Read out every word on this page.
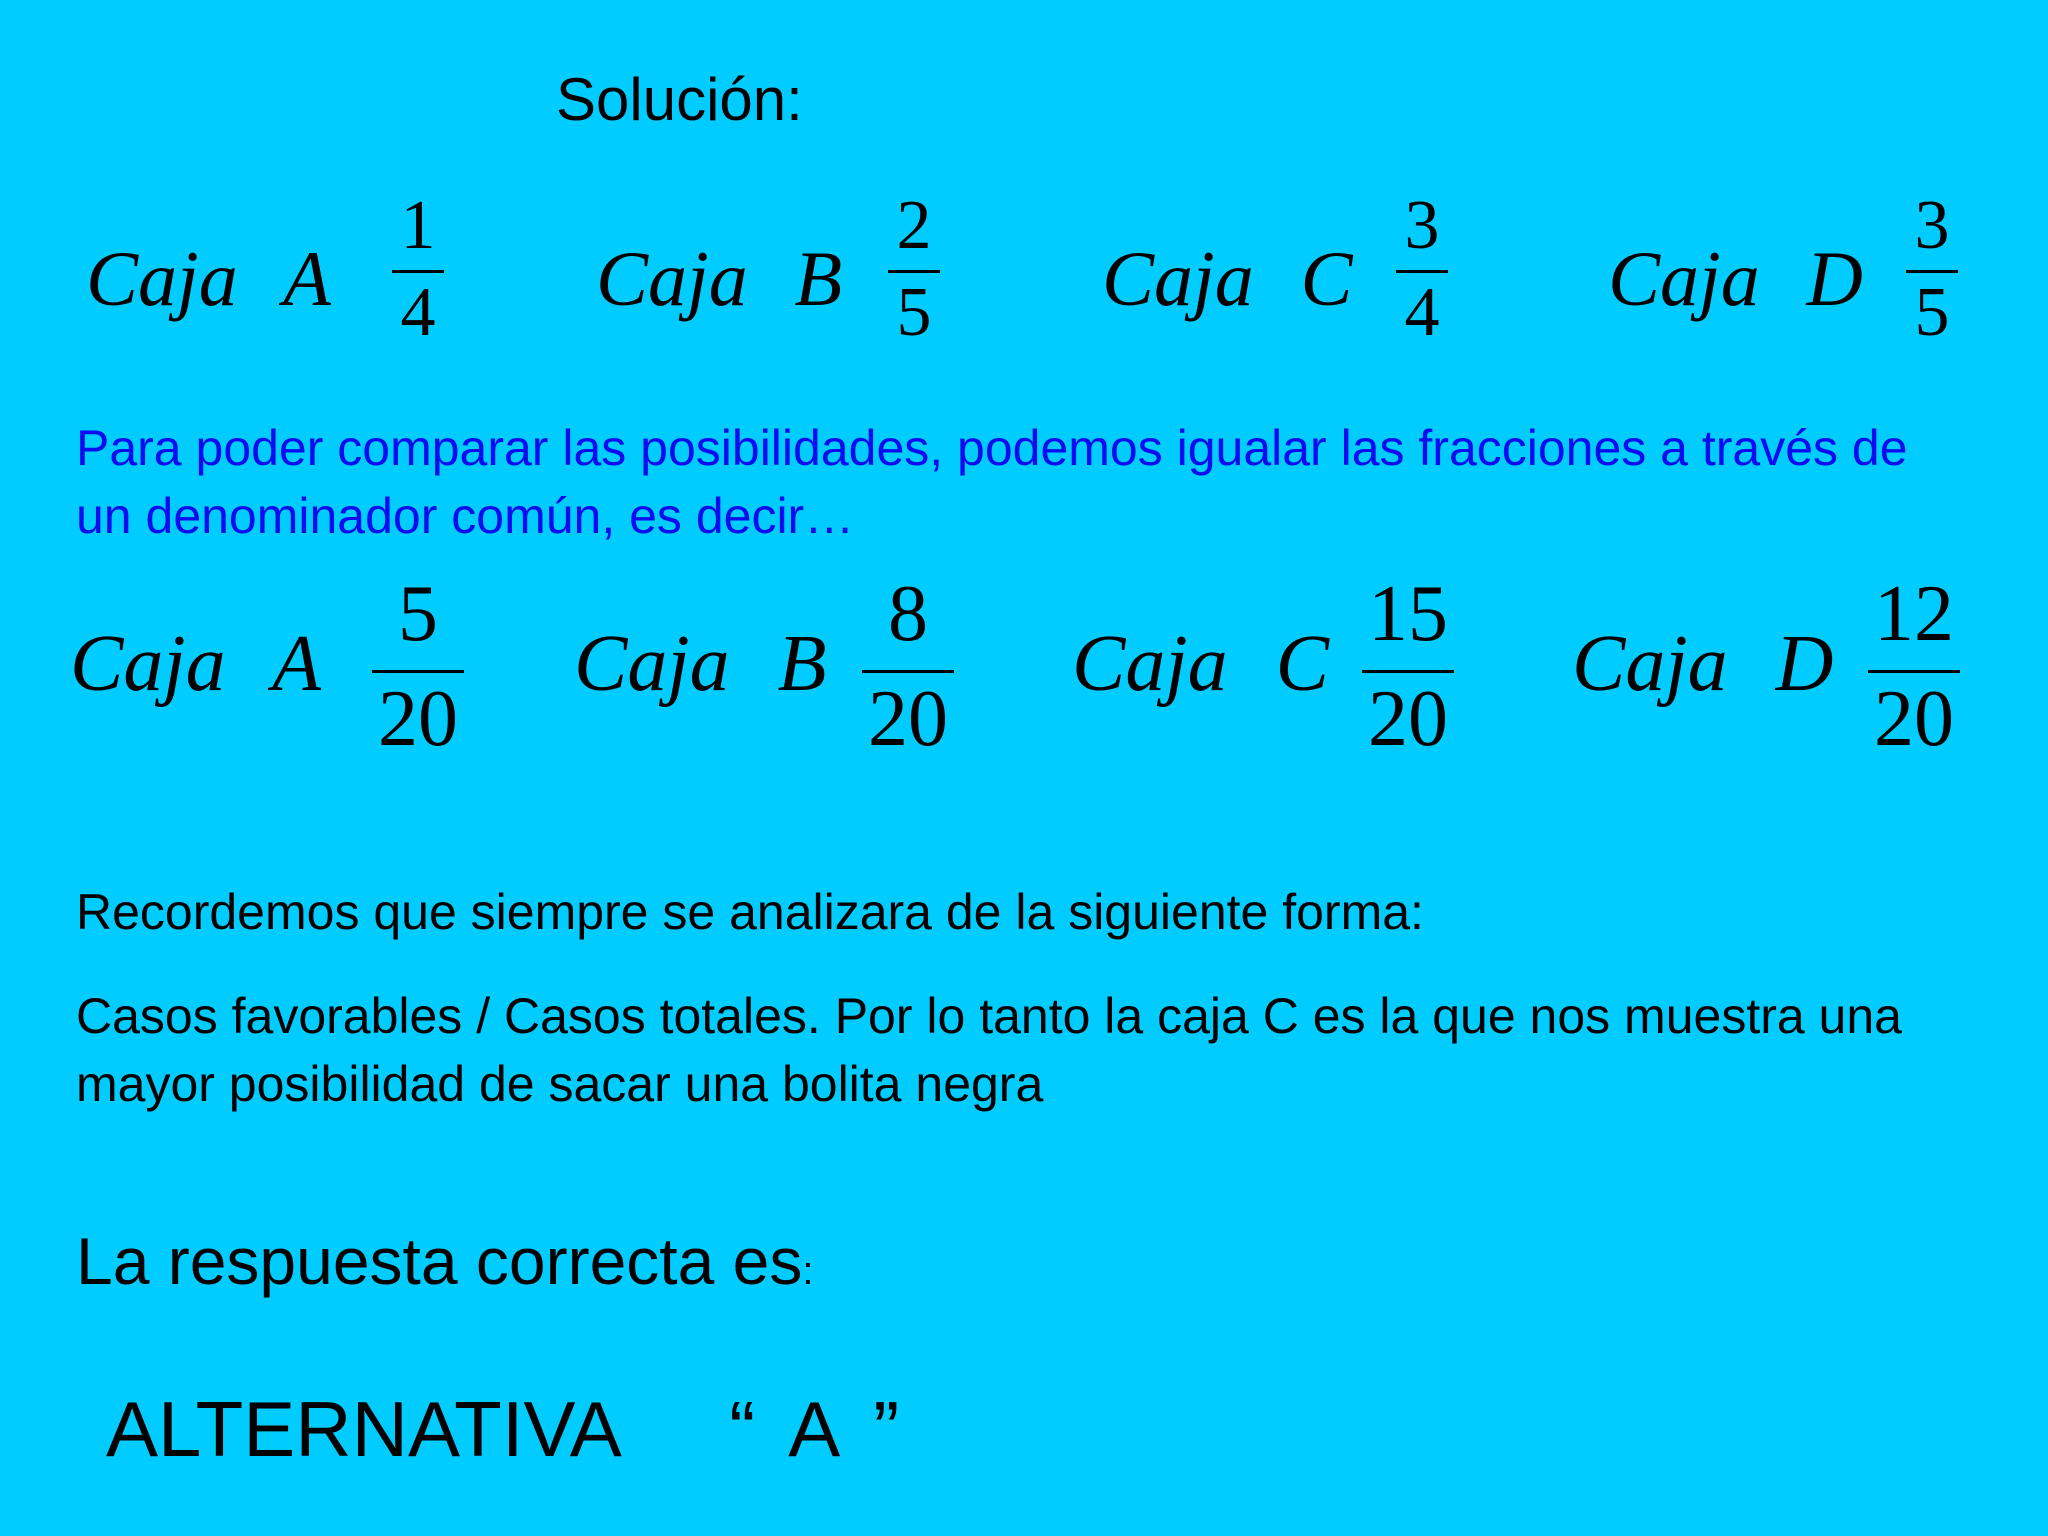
Solución:
Caja A
1
4 Caja B
2
5 Caja C
3
4 Caja D
3
5
Para poder comparar las posibilidades, podemos igualar las fracciones a través de un denominador común, es decir…
Caja A
5
20
Caja B
8
20
Caja C
15
20
Caja D
12
20
Recordemos que siempre se analizara de la siguiente forma:
Casos favorables / Casos totales. Por lo tanto la caja C es la que nos muestra una mayor posibilidad de sacar una bolita negra
La respuesta correcta es:
ALTERNATIVA   “ A ”
